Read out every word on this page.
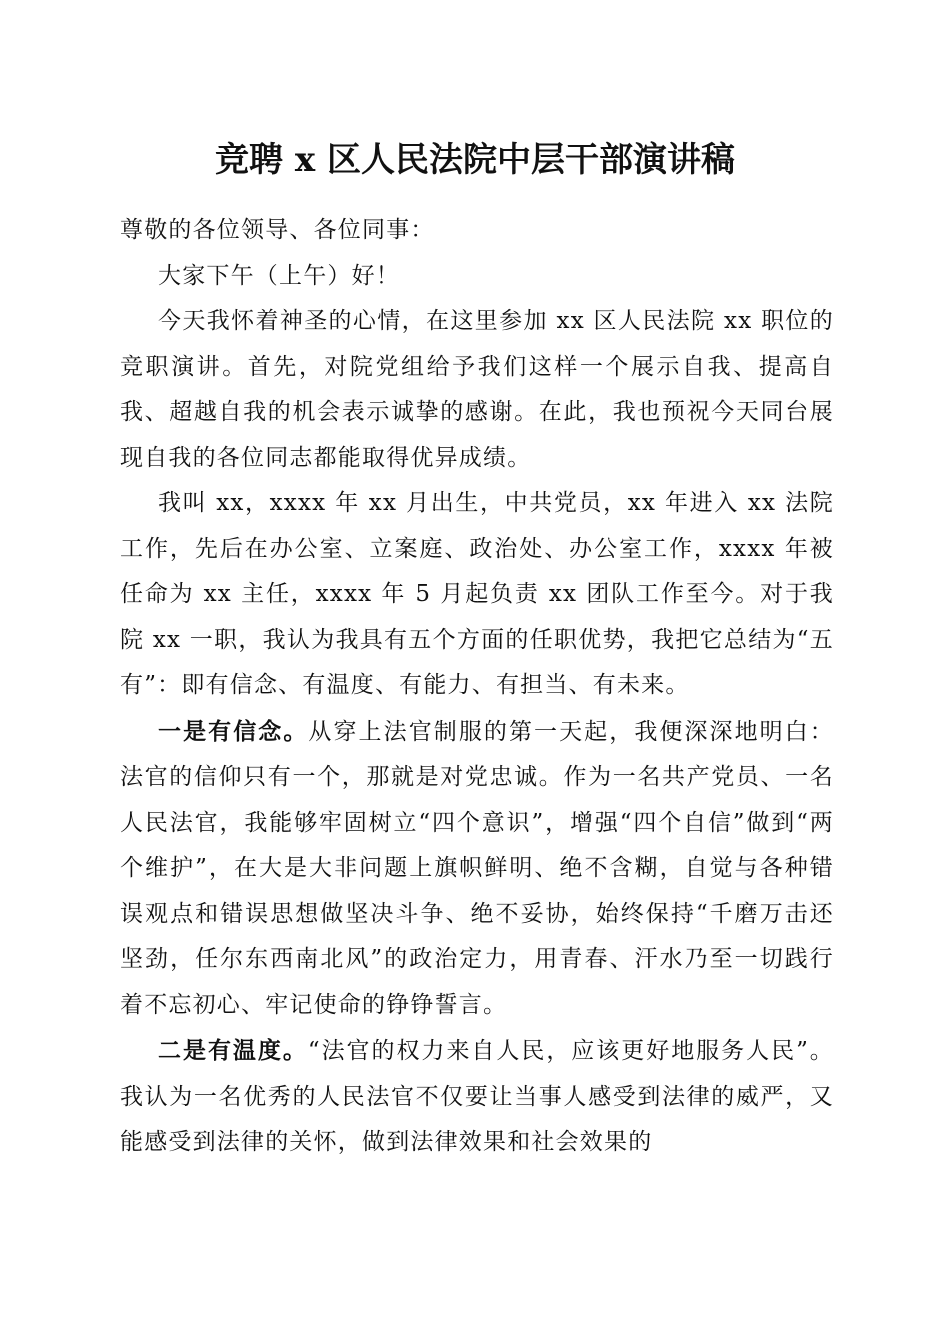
竞聘 x 区人民法院中层干部演讲稿

尊敬的各位领导、各位同事：

大家下午（上午）好！

今天我怀着神圣的心情，在这里参加 xx 区人民法院 xx 职位的竞职演讲。首先，对院党组给予我们这样一个展示自我、提高自我、超越自我的机会表示诚挚的感谢。在此，我也预祝今天同台展现自我的各位同志都能取得优异成绩。

我叫 xx，xxxx 年 xx 月出生，中共党员，xx 年进入 xx 法院工作，先后在办公室、立案庭、政治处、办公室工作，xxxx 年被任命为 xx 主任，xxxx 年 5 月起负责 xx 团队工作至今。对于我院 xx 一职，我认为我具有五个方面的任职优势，我把它总结为“五有”：即有信念、有温度、有能力、有担当、有未来。

一是有信念。从穿上法官制服的第一天起，我便深深地明白：法官的信仰只有一个，那就是对党忠诚。作为一名共产党员、一名人民法官，我能够牢固树立“四个意识”，增强“四个自信”做到“两个维护”，在大是大非问题上旗帜鲜明、绝不含糊，自觉与各种错误观点和错误思想做坚决斗争、绝不妥协，始终保持“千磨万击还坚劲，任尔东西南北风”的政治定力，用青春、汗水乃至一切践行着不忘初心、牢记使命的铮铮誓言。

二是有温度。“法官的权力来自人民，应该更好地服务人民”。我认为一名优秀的人民法官不仅要让当事人感受到法律的威严，又能感受到法律的关怀，做到法律效果和社会效果的
